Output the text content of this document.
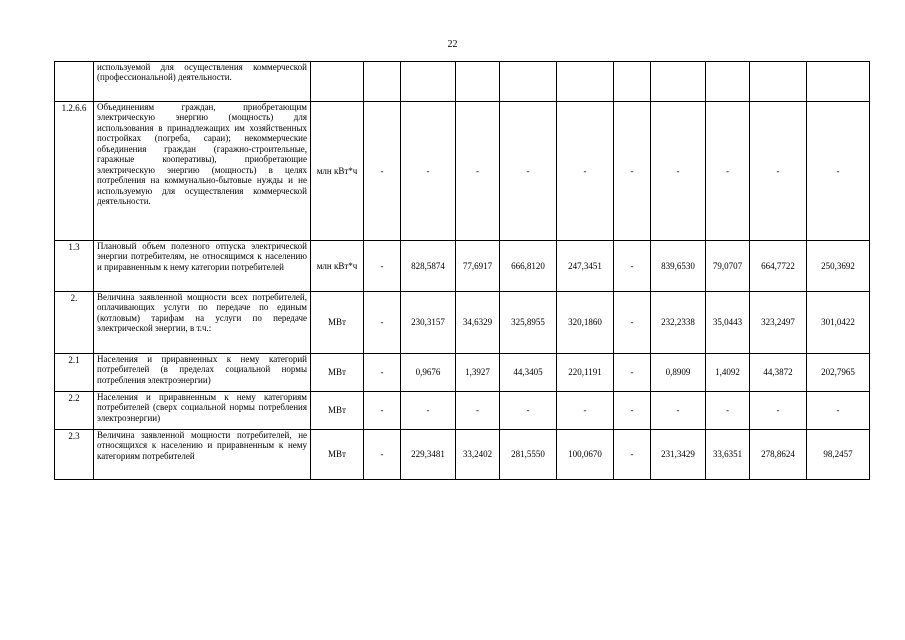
22
	используемой для осуществления коммерческой (профессиональной) деятельности.											
1.2.6.6	Объединениям граждан, приобретающим электрическую энергию (мощность) для использования в принадлежащих им хозяйственных постройках (погреба, сараи); некоммерческие объединения граждан (гаражно-строительные, гаражные кооперативы), приобретающие электрическую энергию (мощность) в целях потребления на коммунально-бытовые нужды и не используемую для осуществления коммерческой деятельности.	млн кВт*ч	-	-	-	-	-	-	-	-	-	-
1.3	Плановый объем полезного отпуска электрической энергии потребителям, не относящимся к населению и приравненным к нему категории потребителей	млн кВт*ч	-	828,5874	77,6917	666,8120	247,3451	-	839,6530	79,0707	664,7722	250,3692
2.	Величина заявленной мощности всех потребителей, оплачивающих услуги по передаче по единым (котловым) тарифам на услуги по передаче электрической энергии, в т.ч.:	МВт	-	230,3157	34,6329	325,8955	320,1860	-	232,2338	35,0443	323,2497	301,0422
2.1	Населения и приравненных к нему категорий потребителей (в пределах социальной нормы потребления электроэнергии)	МВт	-	0,9676	1,3927	44,3405	220,1191	-	0,8909	1,4092	44,3872	202,7965
2.2	Населения и приравненным к нему категориям потребителей (сверх социальной нормы потребления электроэнергии)	МВт	-	-	-	-	-	-	-	-	-	-
2.3	Величина заявленной мощности потребителей, не относящихся к населению и приравненным к нему категориям потребителей	МВт	-	229,3481	33,2402	281,5550	100,0670	-	231,3429	33,6351	278,8624	98,2457
